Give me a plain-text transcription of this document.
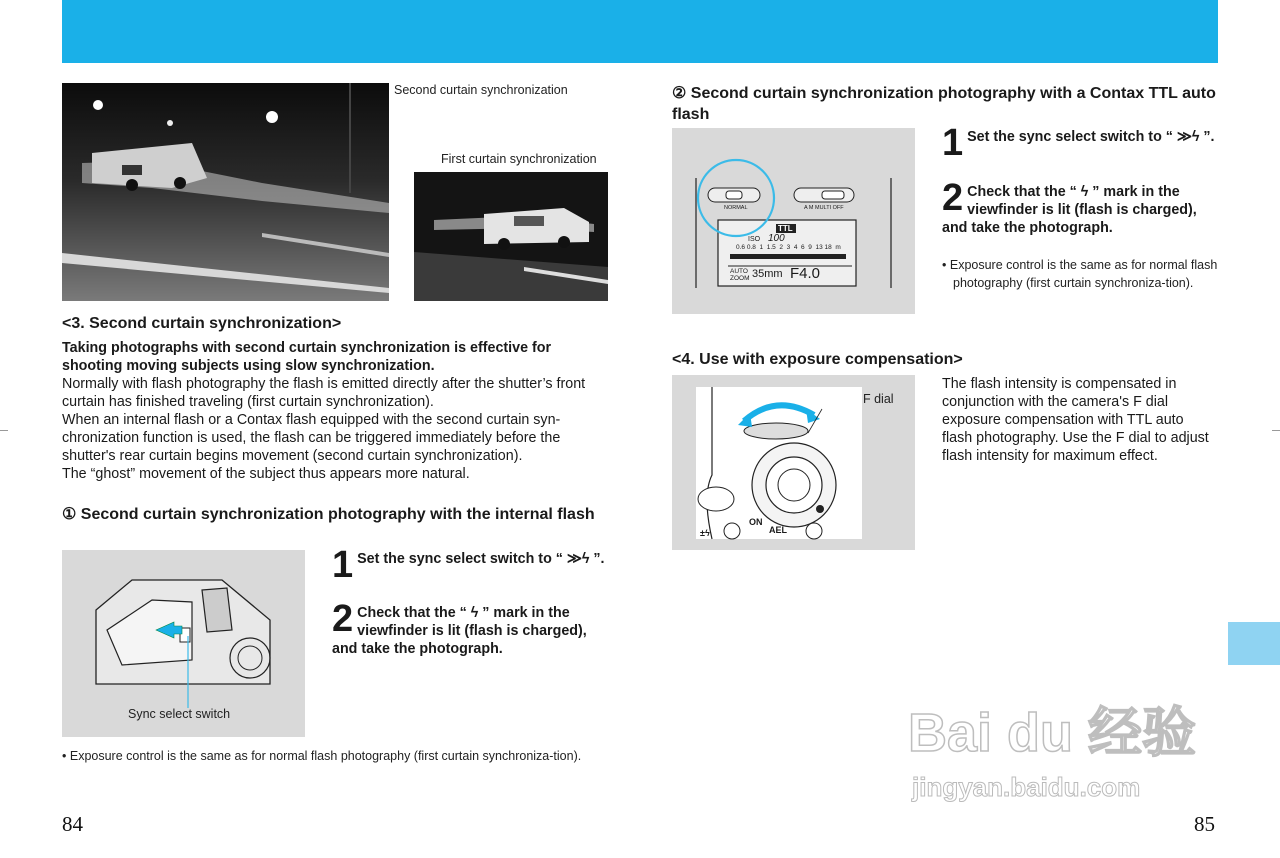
Second curtain synchronization
First curtain synchronization
<3. Second curtain synchronization>
Taking photographs with second curtain synchronization is effective for shooting moving subjects using slow synchronization.
Normally with flash photography the flash is emitted directly after the shutter’s front curtain has finished traveling (first curtain synchronization).
When an internal flash or a Contax flash equipped with the second curtain syn-chronization function is used, the flash can be triggered immediately before the shutter's rear curtain begins movement (second curtain synchronization).
The “ghost” movement of the subject thus appears more natural.
① Second curtain synchronization photography with the internal flash
Sync select switch
1 Set the sync select switch to “ ≫ϟ ”.
2 Check that the “ ϟ ” mark in the viewfinder is lit (flash is charged), and take the photograph.
• Exposure control is the same as for normal flash photography (first curtain synchroniza-tion).
84
② Second curtain synchronization photography with a Contax TTL auto flash
TTL
ISO 100
0.6 0.8  1  1.5  2  3  4  6  9  13 18  m
AUTO ZOOM 35mm F4.0
NORMAL	A M MULTI OFF
1 Set the sync select switch to “ ≫ϟ ”.
2 Check that the “ ϟ ” mark in the viewfinder is lit (flash is charged), and take the photograph.
• Exposure control is the same as for normal flash photography (first curtain synchroniza-tion).
<4. Use with exposure compensation>
F dial
ON
AEL
±ϟ
The flash intensity is compensated in conjunction with the camera's F dial exposure compensation with TTL auto flash photography. Use the F dial to adjust flash intensity for maximum effect.
85
Bai du 经验
jingyan.baidu.com
